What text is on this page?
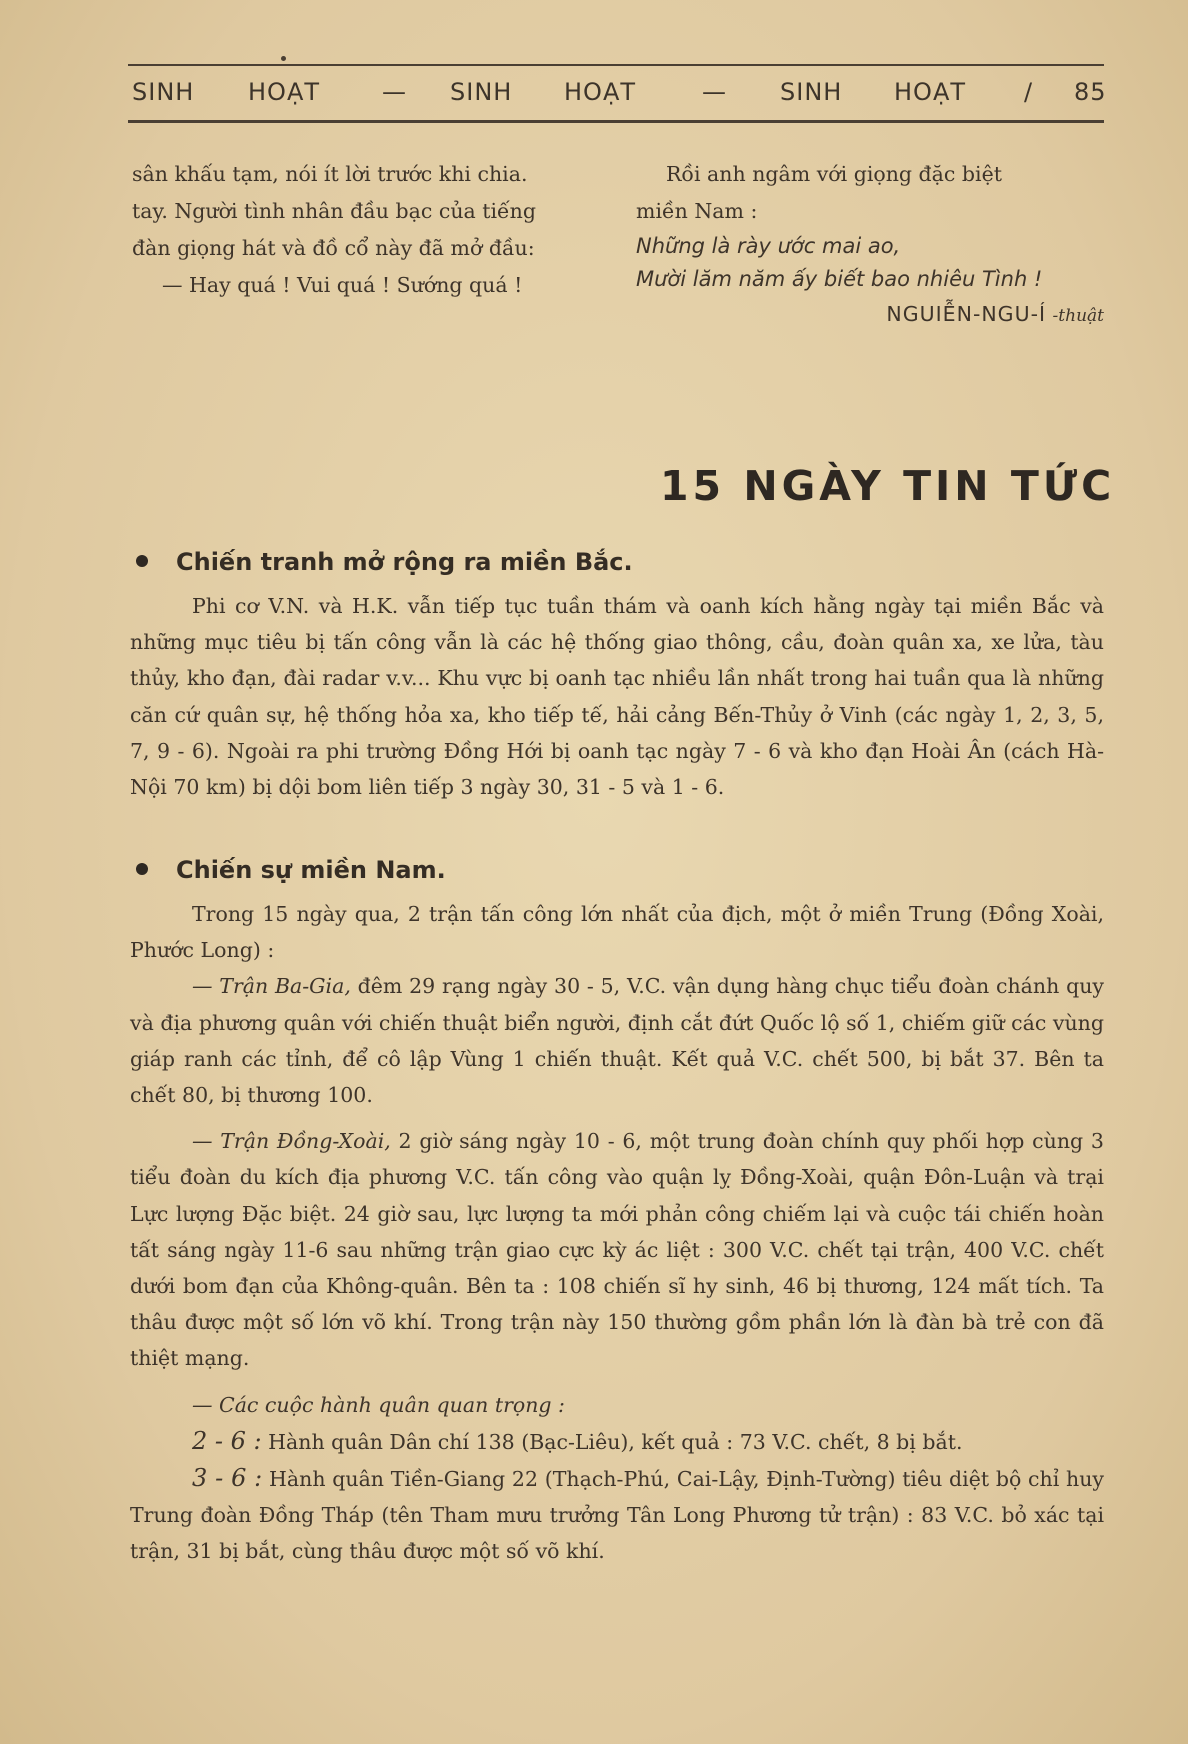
SINH HOẠT	— SINH HOẠT	— SINH HOẠT / 85

sân khấu tạm, nói ít lời trước khi chia.

tay. Người tình nhân đầu bạc của tiếng

đàn giọng hát và đồ cổ này đã mở đầu:

— Hay quá ! Vui quá ! Sướng quá !

Rồi anh ngâm với giọng đặc biệt

miền Nam :

Những là rày ước mai ao,

Mười lăm năm ấy biết bao nhiêu Tình !

NGUIỄN-NGU-Í -thuật

15 NGÀY TIN TỨC
Chiến tranh mở rộng ra miền Bắc.

Phi cơ V.N. và H.K. vẫn tiếp tục tuần thám và oanh kích hằng ngày tại miền Bắc và những mục tiêu bị tấn công vẫn là các hệ thống giao thông, cầu, đoàn quân xa, xe lửa, tàu thủy, kho đạn, đài radar v.v... Khu vực bị oanh tạc nhiều lần nhất trong hai tuần qua là những căn cứ quân sự, hệ thống hỏa xa, kho tiếp tế, hải cảng Bến-Thủy ở Vinh (các ngày 1, 2, 3, 5, 7, 9 - 6). Ngoài ra phi trường Đồng Hới bị oanh tạc ngày 7 - 6 và kho đạn Hoài Ân (cách Hà-Nội 70 km) bị dội bom liên tiếp 3 ngày 30, 31 - 5 và 1 - 6.

Chiến sự miền Nam.

Trong 15 ngày qua, 2 trận tấn công lớn nhất của địch, một ở miền Trung (Đồng Xoài, Phước Long) :

— Trận Ba-Gia, đêm 29 rạng ngày 30 - 5, V.C. vận dụng hàng chục tiểu đoàn chánh quy và địa phương quân với chiến thuật biển người, định cắt đứt Quốc lộ số 1, chiếm giữ các vùng giáp ranh các tỉnh, để cô lập Vùng 1 chiến thuật. Kết quả V.C. chết 500, bị bắt 37. Bên ta chết 80, bị thương 100.

— Trận Đồng-Xoài, 2 giờ sáng ngày 10 - 6, một trung đoàn chính quy phối hợp cùng 3 tiểu đoàn du kích địa phương V.C. tấn công vào quận lỵ Đồng-Xoài, quận Đôn-Luận và trại Lực lượng Đặc biệt. 24 giờ sau, lực lượng ta mới phản công chiếm lại và cuộc tái chiến hoàn tất sáng ngày 11-6 sau những trận giao cực kỳ ác liệt : 300 V.C. chết tại trận, 400 V.C. chết dưới bom đạn của Không-quân. Bên ta : 108 chiến sĩ hy sinh, 46 bị thương, 124 mất tích. Ta thâu được một số lớn võ khí. Trong trận này 150 thường gồm phần lớn là đàn bà trẻ con đã thiệt mạng.

— Các cuộc hành quân quan trọng :

2 - 6 : Hành quân Dân chí 138 (Bạc-Liêu), kết quả : 73 V.C. chết, 8 bị bắt.

3 - 6 : Hành quân Tiền-Giang 22 (Thạch-Phú, Cai-Lậy, Định-Tường) tiêu diệt bộ chỉ huy Trung đoàn Đồng Tháp (tên Tham mưu trưởng Tân Long Phương tử trận) : 83 V.C. bỏ xác tại trận, 31 bị bắt, cùng thâu được một số võ khí.
